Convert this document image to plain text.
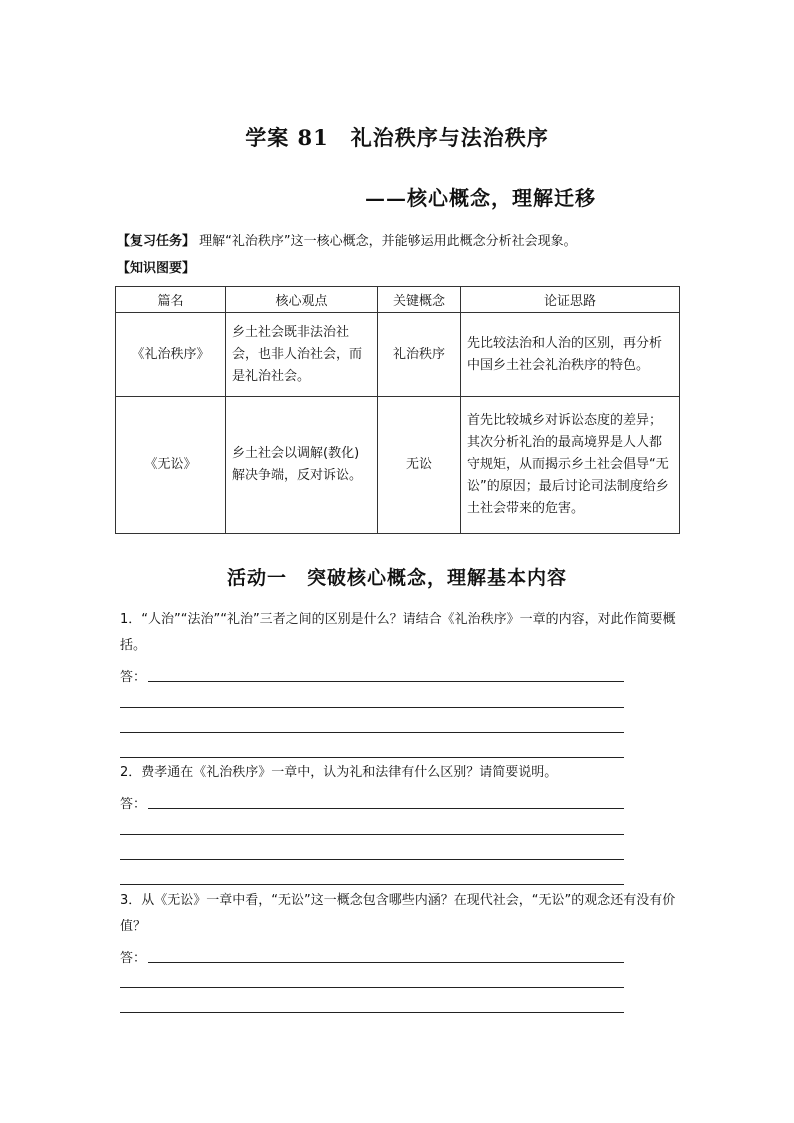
学案 81　礼治秩序与法治秩序
——核心概念，理解迁移
【复习任务】 理解“礼治秩序”这一核心概念，并能够运用此概念分析社会现象。
【知识图要】
篇名	核心观点	关键概念	论证思路
《礼治秩序》	乡土社会既非法治社会，也非人治社会，而是礼治社会。	礼治秩序	先比较法治和人治的区别，再分析中国乡土社会礼治秩序的特色。
《无讼》	乡土社会以调解(教化)解决争端，反对诉讼。	无讼	首先比较城乡对诉讼态度的差异；其次分析礼治的最高境界是人人都守规矩，从而揭示乡土社会倡导“无讼”的原因；最后讨论司法制度给乡土社会带来的危害。
活动一　突破核心概念，理解基本内容
1．“人治”“法治”“礼治”三者之间的区别是什么？请结合《礼治秩序》一章的内容，对此作简要概括。
答：
2．费孝通在《礼治秩序》一章中，认为礼和法律有什么区别？请简要说明。
答：
3．从《无讼》一章中看，“无讼”这一概念包含哪些内涵？在现代社会，“无讼”的观念还有没有价值？
答：
